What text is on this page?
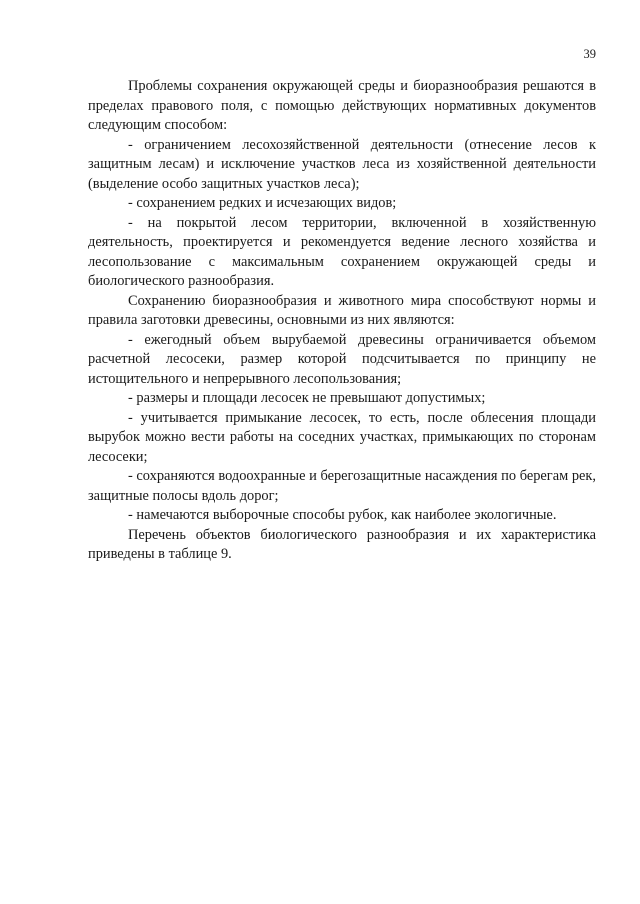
39

Проблемы сохранения окружающей среды и биоразнообразия решаются в пределах правового поля, с помощью действующих нормативных документов следующим способом:

- ограничением лесохозяйственной деятельности (отнесение лесов к защитным лесам) и исключение участков леса из хозяйственной деятельности (выделение особо защитных участков леса);

- сохранением редких и исчезающих видов;

- на покрытой лесом территории, включенной в хозяйственную деятельность, проектируется и рекомендуется ведение лесного хозяйства и лесопользование с максимальным сохранением окружающей среды и биологического разнообразия.

Сохранению биоразнообразия и животного мира способствуют нормы и правила заготовки древесины, основными из них являются:

- ежегодный объем вырубаемой древесины ограничивается объемом расчетной лесосеки, размер которой подсчитывается по принципу не истощительного и непрерывного лесопользования;

- размеры и площади лесосек не превышают допустимых;

- учитывается примыкание лесосек, то есть, после облесения площади вырубок можно вести работы на соседних участках, примыкающих по сторонам лесосеки;

- сохраняются водоохранные и берегозащитные насаждения по берегам рек, защитные полосы вдоль дорог;

- намечаются выборочные способы рубок, как наиболее экологичные.

Перечень объектов биологического разнообразия и их характеристика приведены в таблице 9.
